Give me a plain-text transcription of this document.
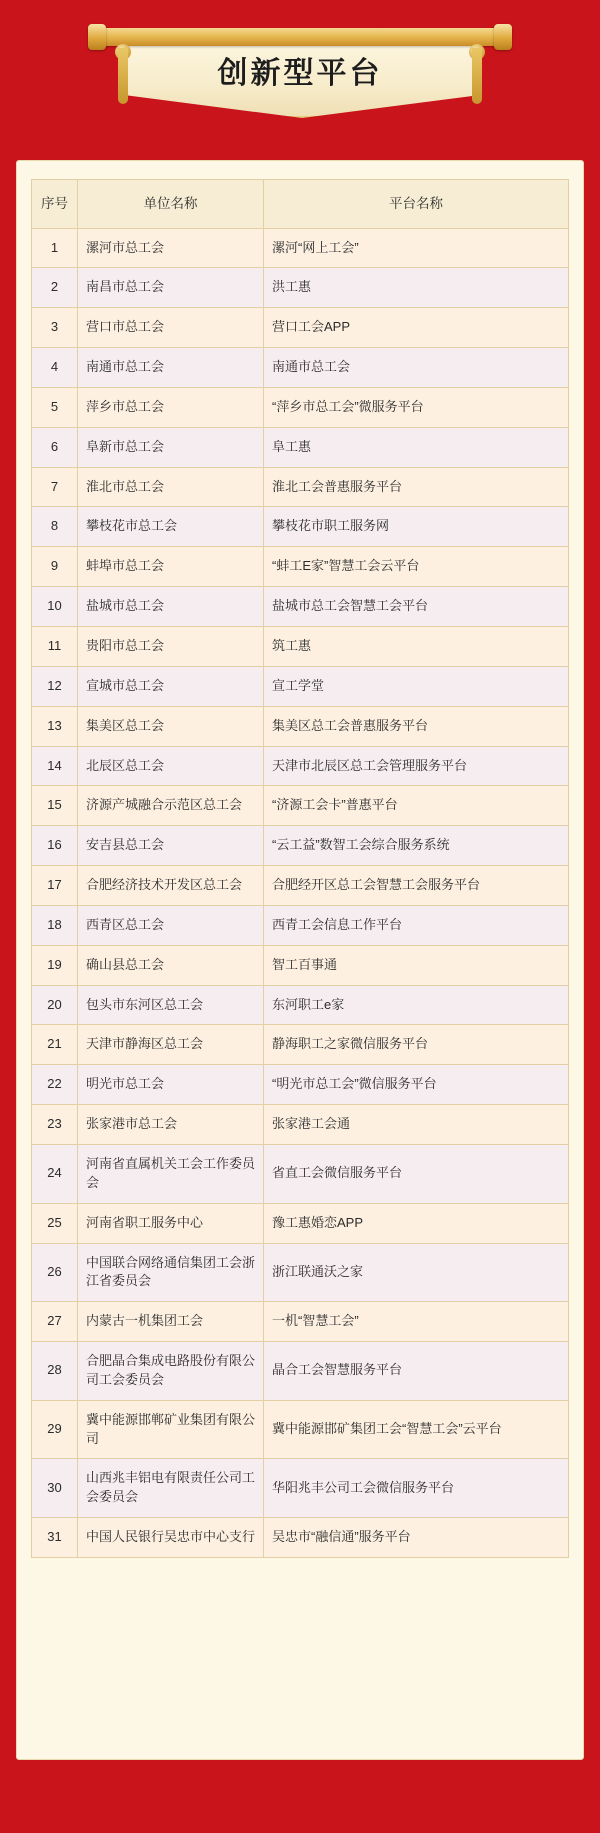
创新型平台
序号	单位名称	平台名称
1	漯河市总工会	漯河“网上工会”
2	南昌市总工会	洪工惠
3	营口市总工会	营口工会APP
4	南通市总工会	南通市总工会
5	萍乡市总工会	“萍乡市总工会”微服务平台
6	阜新市总工会	阜工惠
7	淮北市总工会	淮北工会普惠服务平台
8	攀枝花市总工会	攀枝花市职工服务网
9	蚌埠市总工会	“蚌工E家”智慧工会云平台
10	盐城市总工会	盐城市总工会智慧工会平台
11	贵阳市总工会	筑工惠
12	宣城市总工会	宣工学堂
13	集美区总工会	集美区总工会普惠服务平台
14	北辰区总工会	天津市北辰区总工会管理服务平台
15	济源产城融合示范区总工会	“济源工会卡”普惠平台
16	安吉县总工会	“云工益”数智工会综合服务系统
17	合肥经济技术开发区总工会	合肥经开区总工会智慧工会服务平台
18	西青区总工会	西青工会信息工作平台
19	确山县总工会	智工百事通
20	包头市东河区总工会	东河职工e家
21	天津市静海区总工会	静海职工之家微信服务平台
22	明光市总工会	“明光市总工会”微信服务平台
23	张家港市总工会	张家港工会通
24	河南省直属机关工会工作委员会	省直工会微信服务平台
25	河南省职工服务中心	豫工惠婚恋APP
26	中国联合网络通信集团工会浙江省委员会	浙江联通沃之家
27	内蒙古一机集团工会	一机“智慧工会”
28	合肥晶合集成电路股份有限公司工会委员会	晶合工会智慧服务平台
29	冀中能源邯郸矿业集团有限公司	冀中能源邯矿集团工会“智慧工会”云平台
30	山西兆丰铝电有限责任公司工会委员会	华阳兆丰公司工会微信服务平台
31	中国人民银行吴忠市中心支行	吴忠市“融信通”服务平台
